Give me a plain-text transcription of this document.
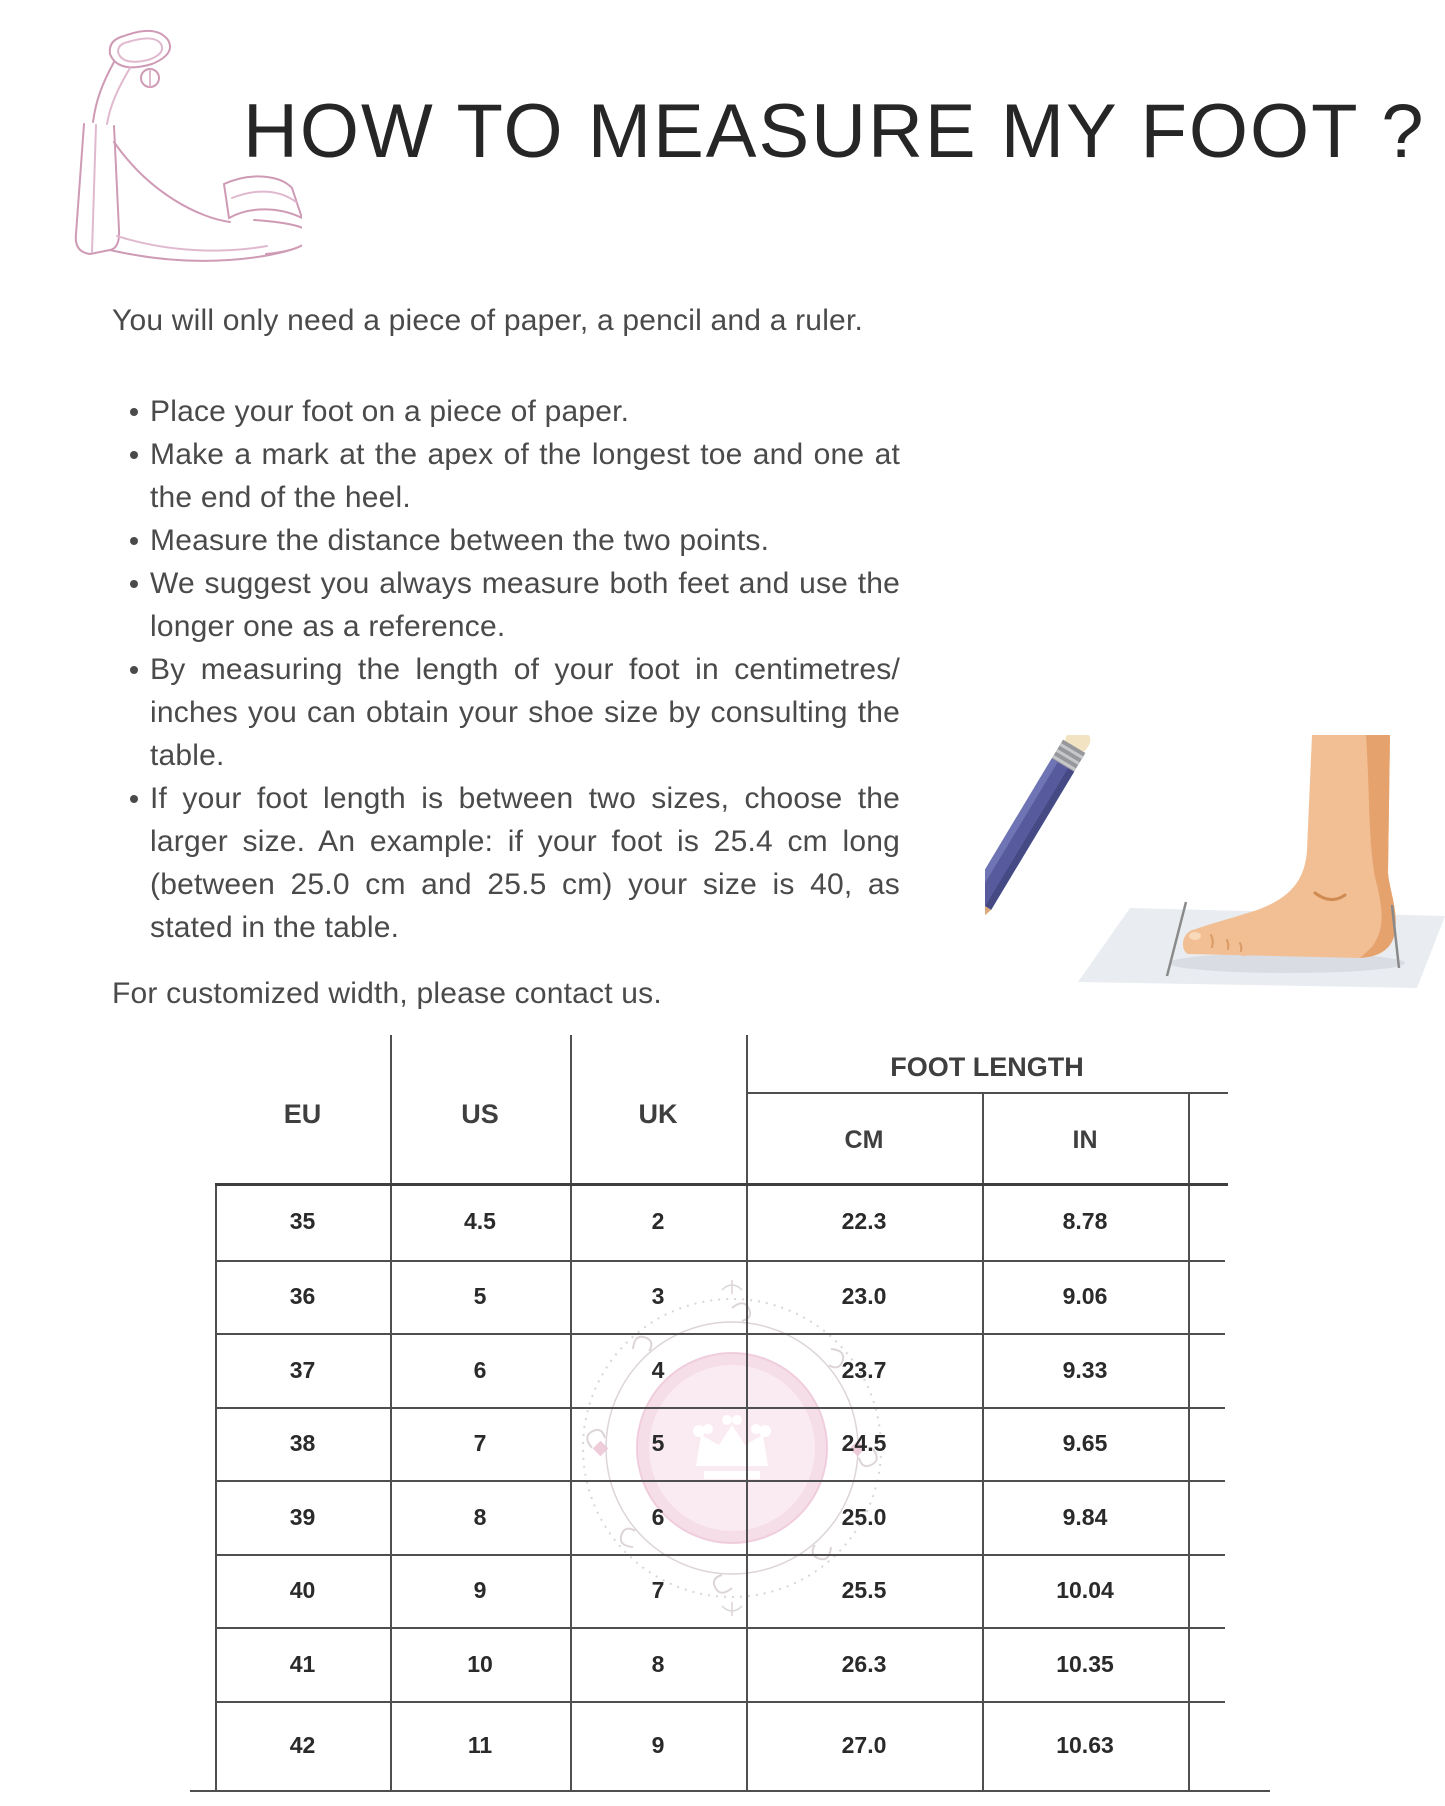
HOW TO MEASURE MY FOOT ?
You will only need a piece of paper, a pencil and a ruler.
Place your foot on a piece of paper.
Make a mark at the apex of the longest toe and one at the end of the heel.
Measure the distance between the two points.
We suggest you always measure both feet and use the longer one as a reference.
By measuring the length of your foot in centimetres/ inches you can obtain your shoe size by consulting the table.
If your foot length is between two sizes, choose the larger size. An example: if your foot is 25.4 cm long (between 25.0 cm and 25.5 cm) your size is 40, as stated in the table.
For customized width, please contact us.
EU	US	UK
FOOT LENGTH
CM	IN
35	4.5	2	22.3	8.78
36	5	3	23.0	9.06
37	6	4	23.7	9.33
38	7	5	24.5	9.65
39	8	6	25.0	9.84
40	9	7	25.5	10.04
41	10	8	26.3	10.35
42	11	9	27.0	10.63
